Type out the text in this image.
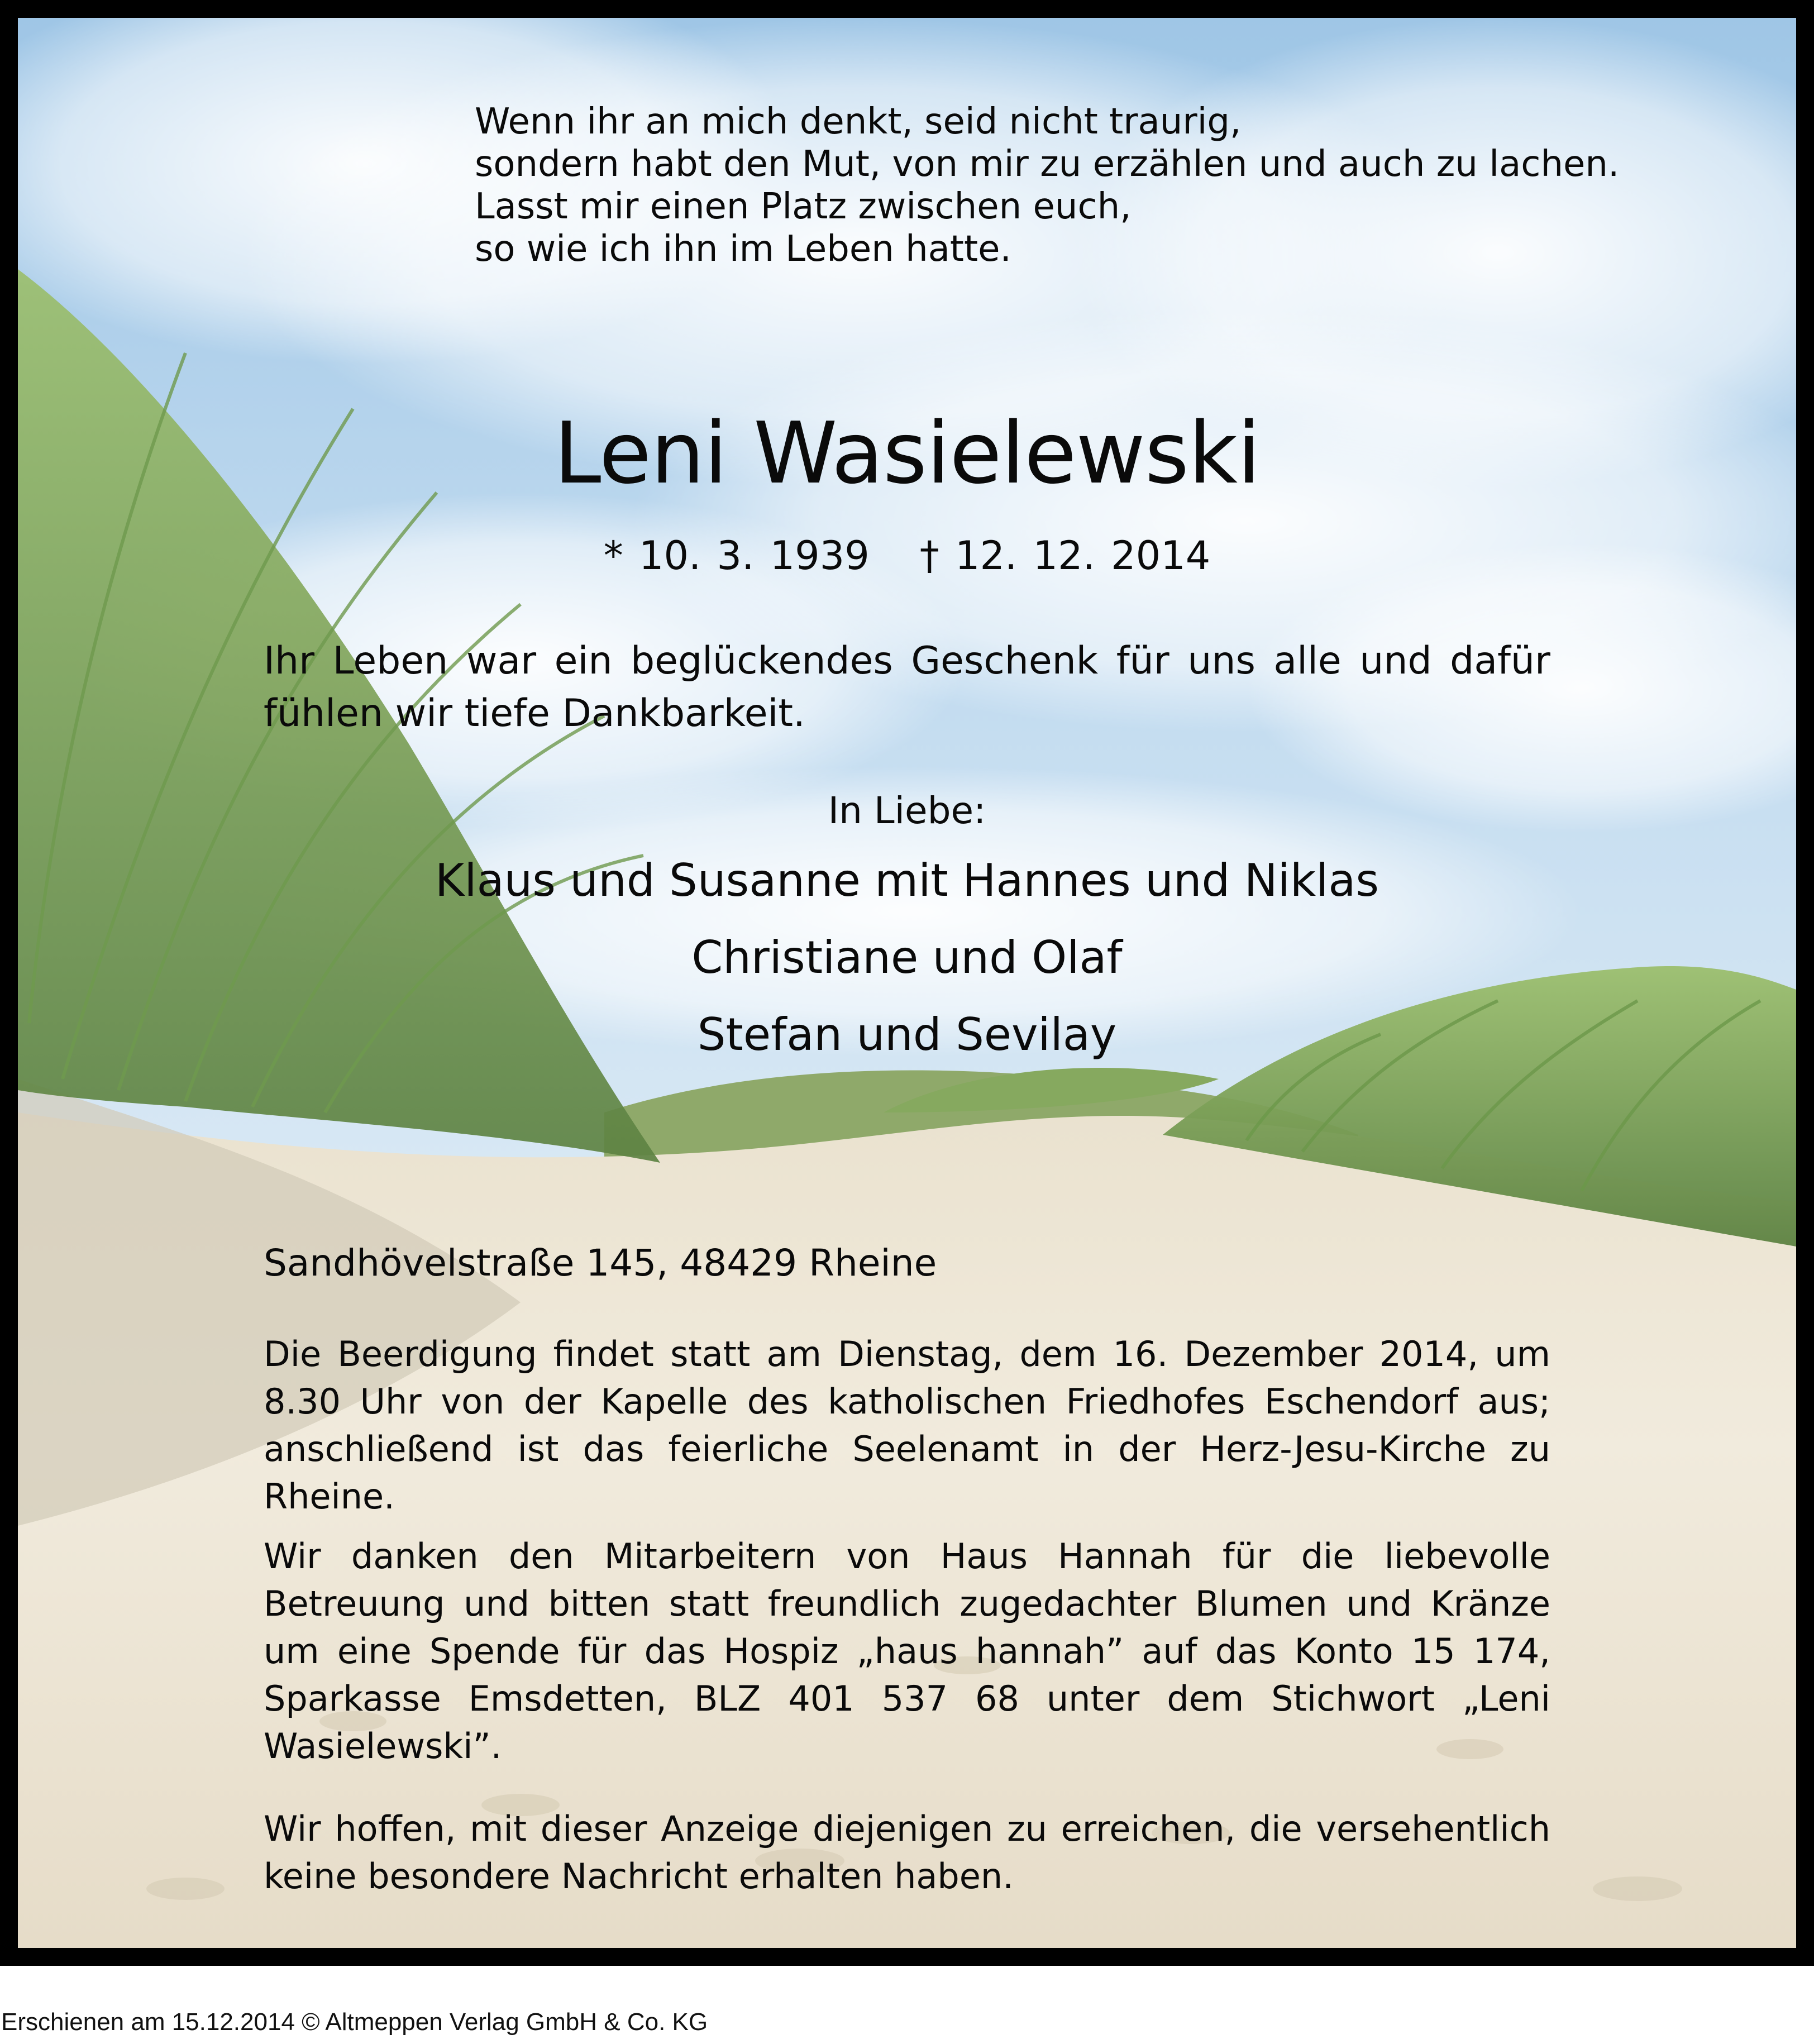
Wenn ihr an mich denkt, seid nicht traurig,
sondern habt den Mut, von mir zu erzählen und auch zu lachen.
Lasst mir einen Platz zwischen euch,
so wie ich ihn im Leben hatte.
Leni Wasielewski
* 10. 3. 1939 † 12. 12. 2014

Ihr Leben war ein beglückendes Geschenk für uns alle und dafür fühlen wir tiefe Dankbarkeit.

In Liebe:
Klaus und Susanne mit Hannes und Niklas
Christiane und Olaf
Stefan und Sevilay
Sandhövelstraße 145, 48429 Rheine

Die Beerdigung findet statt am Dienstag, dem 16. Dezember 2014, um 8.30 Uhr von der Kapelle des katholischen Friedhofes Eschendorf aus; anschließend ist das feierliche Seelenamt in der Herz-Jesu-Kirche zu Rheine.

Wir danken den Mitarbeitern von Haus Hannah für die liebevolle Betreuung und bitten statt freundlich zugedachter Blumen und Kränze um eine Spende für das Hospiz „haus hannah” auf das Konto 15 174, Sparkasse Emsdetten, BLZ 401 537 68 unter dem Stichwort „Leni Wasielewski”.

Wir hoffen, mit dieser Anzeige diejenigen zu erreichen, die versehentlich keine besondere Nachricht erhalten haben.

Erschienen am 15.12.2014 © Altmeppen Verlag GmbH & Co. KG
